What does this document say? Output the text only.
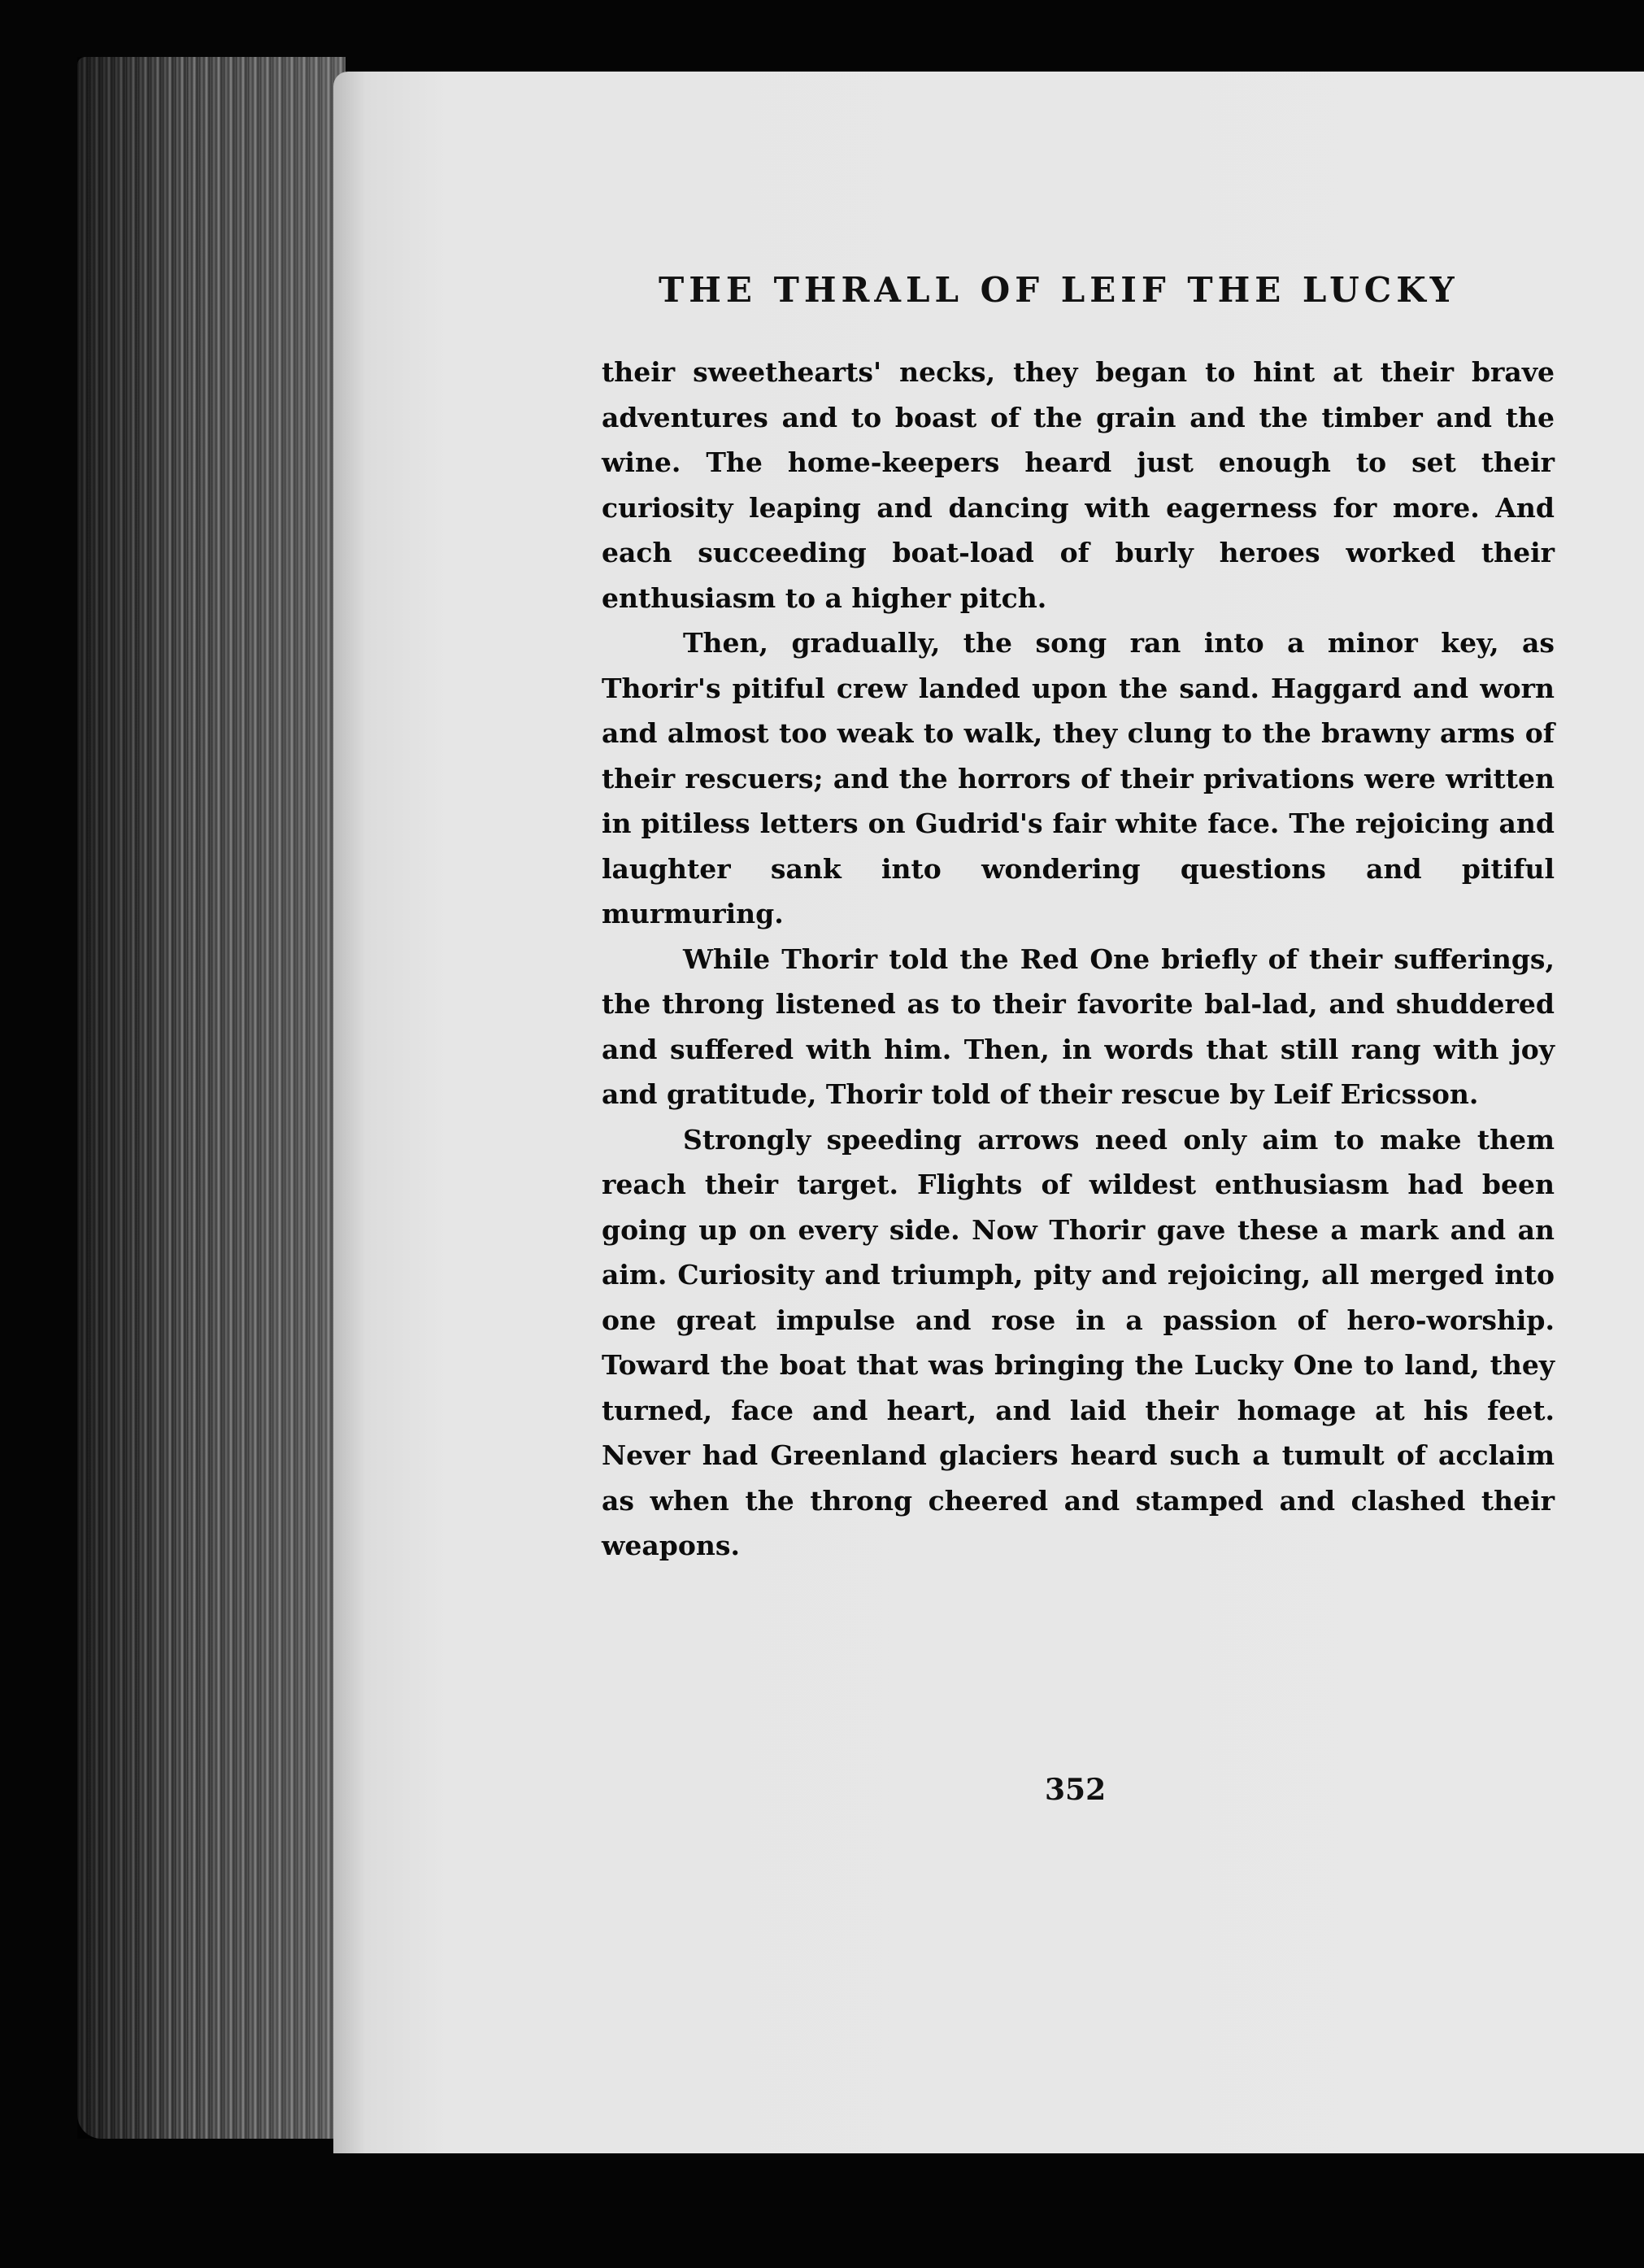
THE THRALL OF LEIF THE LUCKY

their sweethearts' necks, they began to hint at their brave adventures and to boast of the grain and the timber and the wine. The home-keepers heard just enough to set their curiosity leaping and dancing with eagerness for more. And each succeeding boat-load of burly heroes worked their enthusiasm to a higher pitch.

Then, gradually, the song ran into a minor key, as Thorir's pitiful crew landed upon the sand. Haggard and worn and almost too weak to walk, they clung to the brawny arms of their rescuers; and the horrors of their privations were written in pitiless letters on Gudrid's fair white face. The rejoicing and laughter sank into wondering questions and pitiful murmuring.

While Thorir told the Red One briefly of their sufferings, the throng listened as to their favorite bal-lad, and shuddered and suffered with him. Then, in words that still rang with joy and gratitude, Thorir told of their rescue by Leif Ericsson.

Strongly speeding arrows need only aim to make them reach their target. Flights of wildest enthusiasm had been going up on every side. Now Thorir gave these a mark and an aim. Curiosity and triumph, pity and rejoicing, all merged into one great impulse and rose in a passion of hero-worship. Toward the boat that was bringing the Lucky One to land, they turned, face and heart, and laid their homage at his feet. Never had Greenland glaciers heard such a tumult of acclaim as when the throng cheered and stamped and clashed their weapons.

352
